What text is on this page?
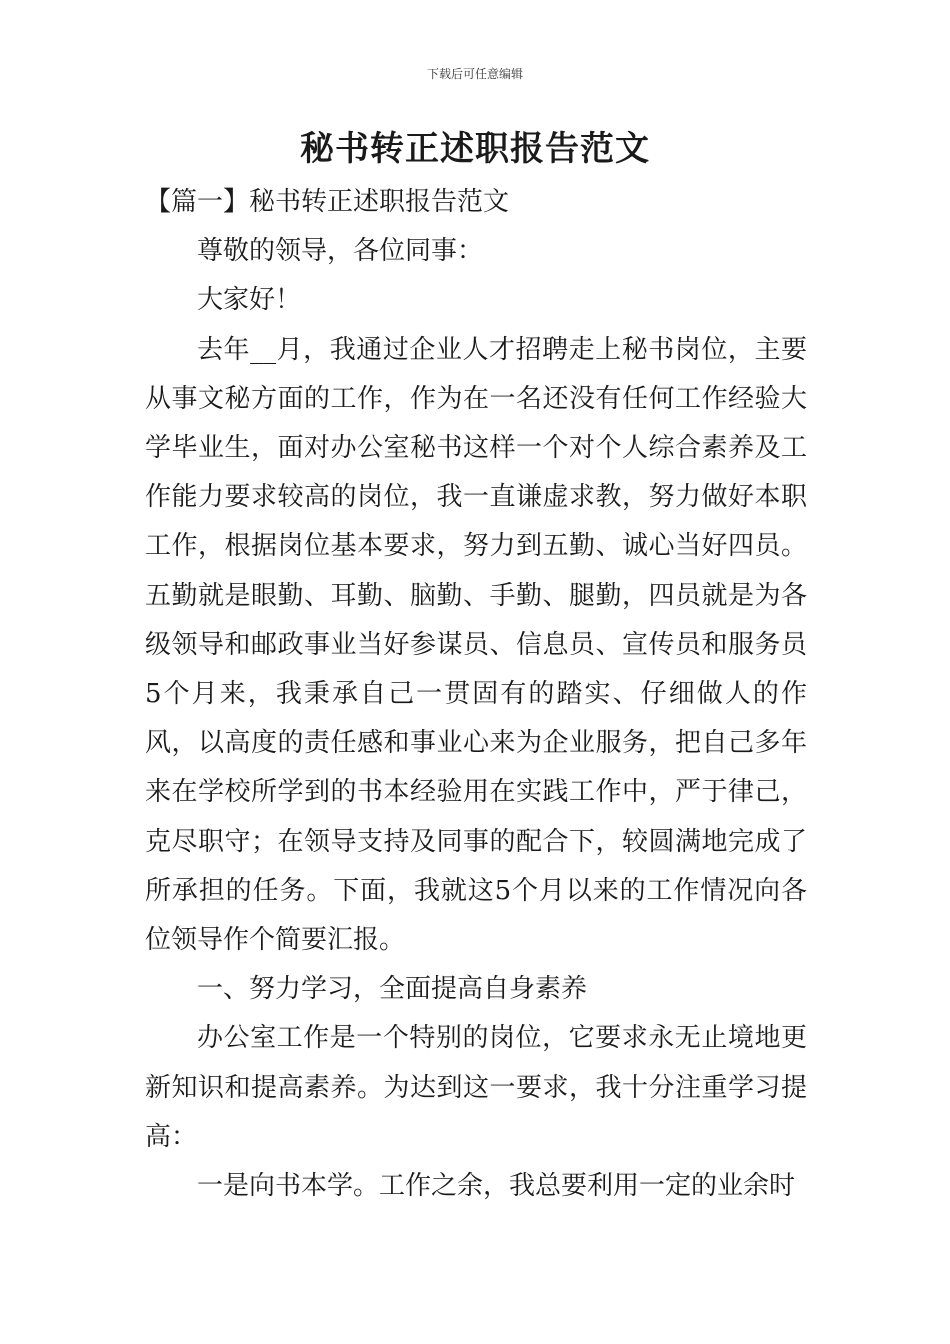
下载后可任意编辑
秘书转正述职报告范文

【篇一】秘书转正述职报告范文

尊敬的领导，各位同事：

大家好！

去年__月，我通过企业人才招聘走上秘书岗位，主要从事文秘方面的工作，作为在一名还没有任何工作经验大学毕业生，面对办公室秘书这样一个对个人综合素养及工作能力要求较高的岗位，我一直谦虚求教，努力做好本职工作，根据岗位基本要求，努力到五勤、诚心当好四员。五勤就是眼勤、耳勤、脑勤、手勤、腿勤，四员就是为各级领导和邮政事业当好参谋员、信息员、宣传员和服务员5个月来，我秉承自己一贯固有的踏实、仔细做人的作风，以高度的责任感和事业心来为企业服务，把自己多年来在学校所学到的书本经验用在实践工作中，严于律己，克尽职守；在领导支持及同事的配合下，较圆满地完成了所承担的任务。下面，我就这5个月以来的工作情况向各位领导作个简要汇报。

一、努力学习，全面提高自身素养

办公室工作是一个特别的岗位，它要求永无止境地更新知识和提高素养。为达到这一要求，我十分注重学习提高：

一是向书本学。工作之余，我总要利用一定的业余时
